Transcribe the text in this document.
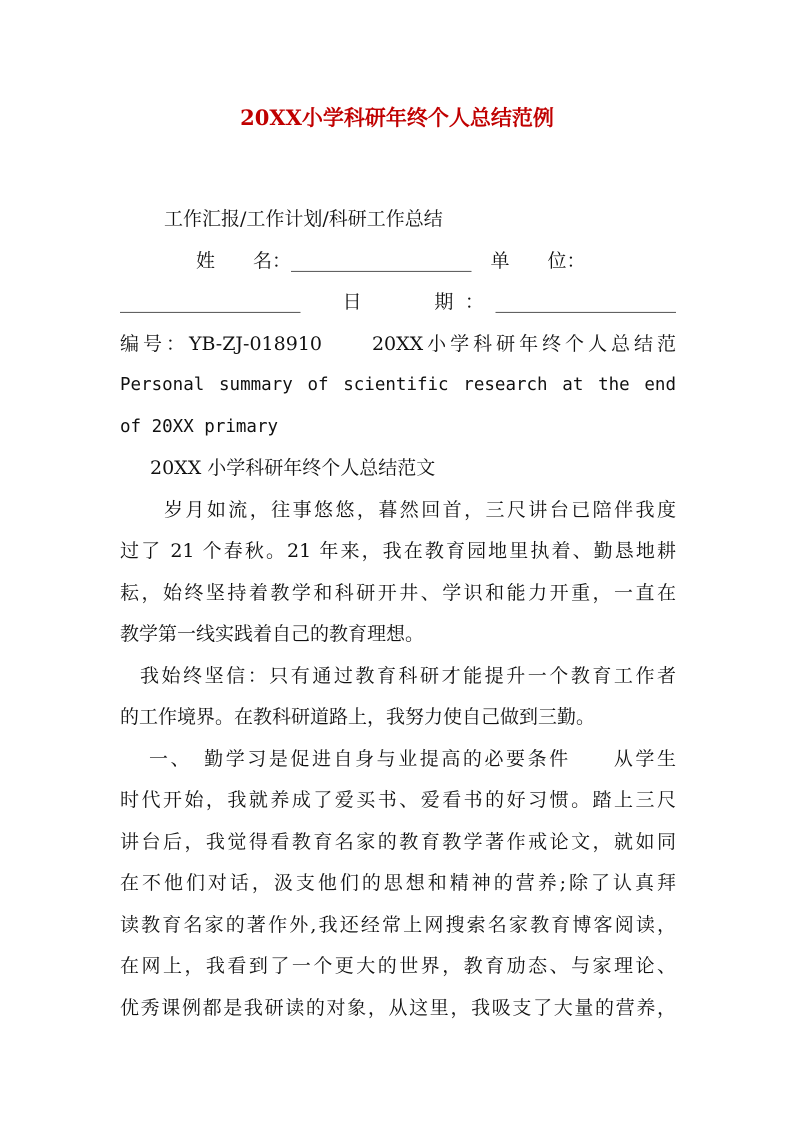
20XX小学科研年终个人总结范例
工作汇报/工作计划/科研工作总结
姓　　名：___________________　单　　位：
___________________　日　　期：___________________
编号：YB-ZJ-018910　　20XX小学科研年终个人总结范
Personal summary of scientific research at the end
of 20XX primary
20XX 小学科研年终个人总结范文
岁月如流，往事悠悠，暮然回首，三尺讲台已陪伴我度
过了 21 个春秋。21 年来，我在教育园地里执着、勤恳地耕
耘，始终坚持着教学和科研开井、学识和能力开重，一直在
教学第一线实践着自己的教育理想。
我始终坚信：只有通过教育科研才能提升一个教育工作者
的工作境界。在教科研道路上，我努力使自己做到三勤。
一、　勤学习是促进自身与业提高的必要条件　　从学生
时代开始，我就养成了爱买书、爱看书的好习惯。踏上三尺
讲台后，我觉得看教育名家的教育教学著作戒论文，就如同
在不他们对话，汲支他们的思想和精神的营养;除了认真拜
读教育名家的著作外,我还经常上网搜索名家教育博客阅读，
在网上，我看到了一个更大的世界，教育劢态、与家理论、
优秀课例都是我研读的对象，从这里，我吸支了大量的营养，
